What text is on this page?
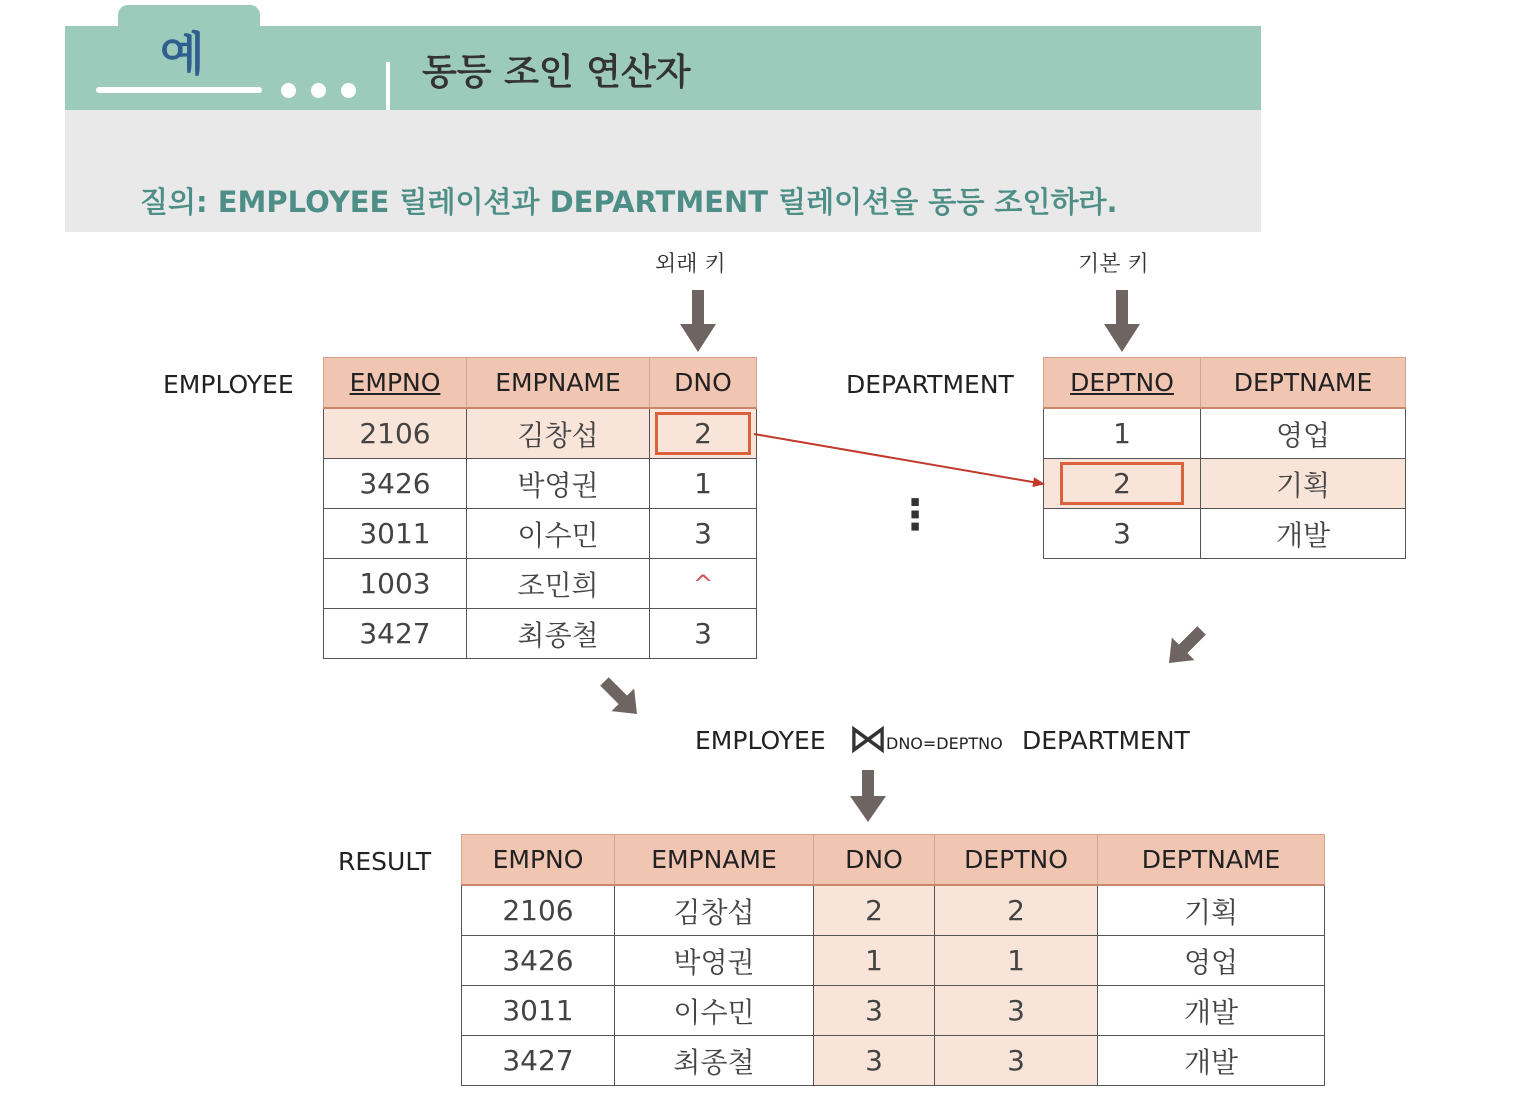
예	동등 조인 연산자
질의: EMPLOYEE 릴레이션과 DEPARTMENT 릴레이션을 동등 조인하라.
외래 키	기본 키
EMPLOYEE	DEPARTMENT
RESULT
EMPNO	EMPNAME	DNO
2106	김창섭	2
3426	박영권	1
3011	이수민	3
1003	조민희	^
3427	최종철	3
DEPTNO	DEPTNAME
1	영업
2	기획
3	개발
⋮
EMPLOYEE ⋈
DNO=DEPTNO DEPARTMENT
EMPNO	EMPNAME	DNO	DEPTNO	DEPTNAME
2106	김창섭	2	2	기획
3426	박영권	1	1	영업
3011	이수민	3	3	개발
3427	최종철	3	3	개발
